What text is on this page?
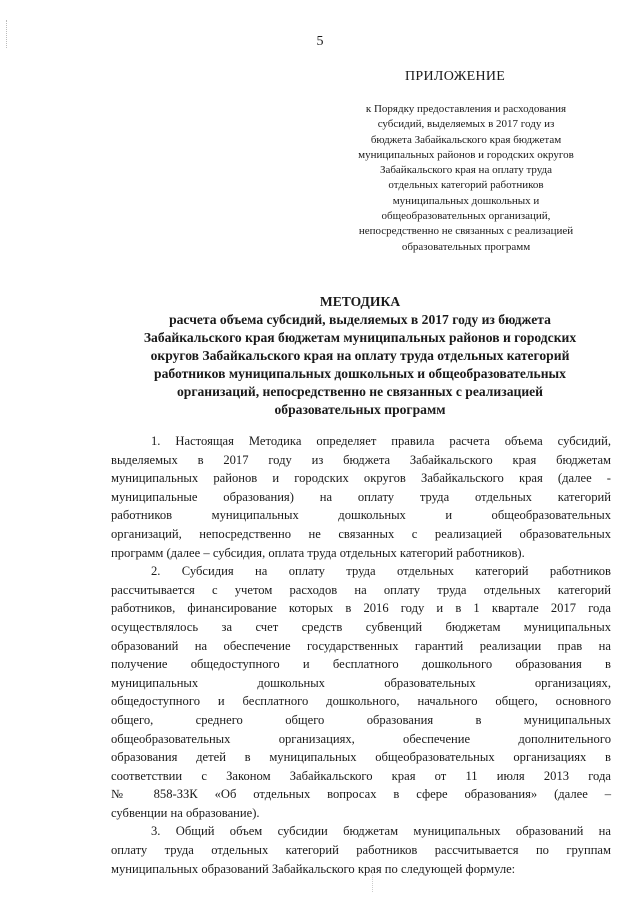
5
ПРИЛОЖЕНИЕ
к Порядку предоставления и расходования
субсидий, выделяемых в 2017 году из
бюджета Забайкальского края бюджетам
муниципальных районов и городских округов
Забайкальского края на оплату труда
отдельных категорий работников
муниципальных дошкольных и
общеобразовательных организаций,
непосредственно не связанных с реализацией
образовательных программ
МЕТОДИКА
расчета объема субсидий, выделяемых в 2017 году из бюджета
Забайкальского края бюджетам муниципальных районов и городских
округов Забайкальского края на оплату труда отдельных категорий
работников муниципальных дошкольных и общеобразовательных
организаций, непосредственно не связанных с реализацией
образовательных программ
1. Настоящая Методика определяет правила расчета объема субсидий,
выделяемых в 2017 году из бюджета Забайкальского края бюджетам
муниципальных районов и городских округов Забайкальского края (далее -
муниципальные образования) на оплату труда отдельных категорий
работников муниципальных дошкольных и общеобразовательных
организаций, непосредственно не связанных с реализацией образовательных
программ (далее – субсидия, оплата труда отдельных категорий работников).
2. Субсидия на оплату труда отдельных категорий работников
рассчитывается с учетом расходов на оплату труда отдельных категорий
работников, финансирование которых в 2016 году и в 1 квартале 2017 года
осуществлялось за счет средств субвенций бюджетам муниципальных
образований на обеспечение государственных гарантий реализации прав на
получение общедоступного и бесплатного дошкольного образования в
муниципальных дошкольных образовательных организациях,
общедоступного и бесплатного дошкольного, начального общего, основного
общего, среднего общего образования в муниципальных
общеобразовательных организациях, обеспечение дополнительного
образования детей в муниципальных общеобразовательных организациях в
соответствии с Законом Забайкальского края от 11 июля 2013 года
№ 858-ЗЗК «Об отдельных вопросах в сфере образования» (далее –
субвенции на образование).
3. Общий объем субсидии бюджетам муниципальных образований на
оплату труда отдельных категорий работников рассчитывается по группам
муниципальных образований Забайкальского края по следующей формуле:
